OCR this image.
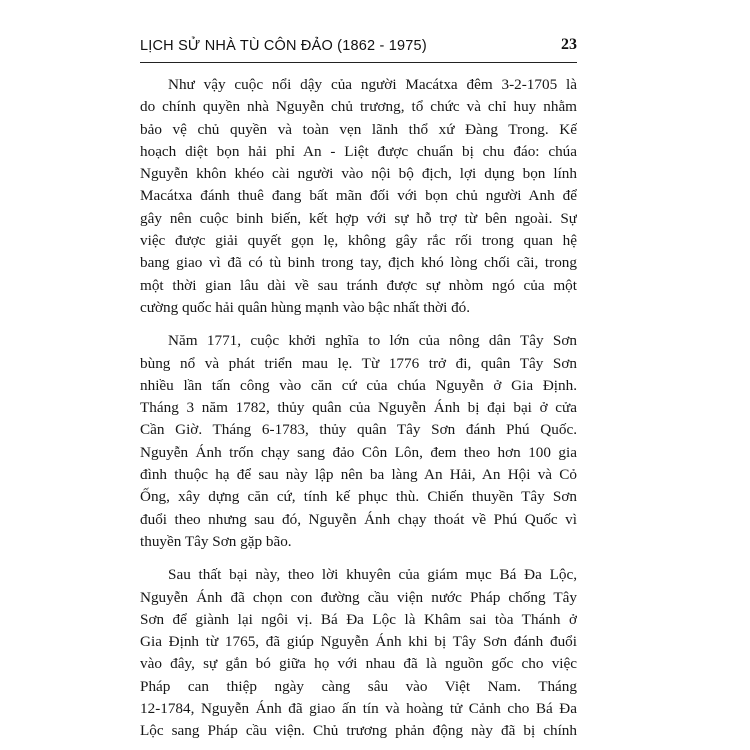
LỊCH SỬ NHÀ TÙ CÔN ĐẢO (1862 - 1975)	23
Như vậy cuộc nổi dậy của người Macátxa đêm 3-2-1705 là
do chính quyền nhà Nguyễn chủ trương, tổ chức và chỉ huy nhằm
bảo vệ chủ quyền và toàn vẹn lãnh thổ xứ Đàng Trong. Kế
hoạch diệt bọn hải phỉ An - Liệt được chuẩn bị chu đáo: chúa
Nguyễn khôn khéo cài người vào nội bộ địch, lợi dụng bọn lính
Macátxa đánh thuê đang bất mãn đối với bọn chủ người Anh để
gây nên cuộc binh biến, kết hợp với sự hỗ trợ từ bên ngoài. Sự
việc được giải quyết gọn lẹ, không gây rắc rối trong quan hệ
bang giao vì đã có tù binh trong tay, địch khó lòng chối cãi, trong
một thời gian lâu dài về sau tránh được sự nhòm ngó của một
cường quốc hải quân hùng mạnh vào bậc nhất thời đó.
Năm 1771, cuộc khởi nghĩa to lớn của nông dân Tây Sơn
bùng nổ và phát triển mau lẹ. Từ 1776 trở đi, quân Tây Sơn
nhiều lần tấn công vào căn cứ của chúa Nguyễn ở Gia Định.
Tháng 3 năm 1782, thủy quân của Nguyễn Ánh bị đại bại ở cửa
Cần Giờ. Tháng 6-1783, thủy quân Tây Sơn đánh Phú Quốc.
Nguyễn Ánh trốn chạy sang đảo Côn Lôn, đem theo hơn 100 gia
đình thuộc hạ để sau này lập nên ba làng An Hải, An Hội và Cỏ
Ống, xây dựng căn cứ, tính kế phục thù. Chiến thuyền Tây Sơn
đuổi theo nhưng sau đó, Nguyễn Ánh chạy thoát về Phú Quốc vì
thuyền Tây Sơn gặp bão.
Sau thất bại này, theo lời khuyên của giám mục Bá Đa Lộc,
Nguyễn Ánh đã chọn con đường cầu viện nước Pháp chống Tây
Sơn để giành lại ngôi vị. Bá Đa Lộc là Khâm sai tòa Thánh ở
Gia Định từ 1765, đã giúp Nguyễn Ánh khi bị Tây Sơn đánh đuổi
vào đây, sự gắn bó giữa họ với nhau đã là nguồn gốc cho việc
Pháp can thiệp ngày càng sâu vào Việt Nam. Tháng
12-1784, Nguyễn Ánh đã giao ấn tín và hoàng tử Cảnh cho Bá Đa
Lộc sang Pháp cầu viện. Chủ trương phản động này đã bị chính
